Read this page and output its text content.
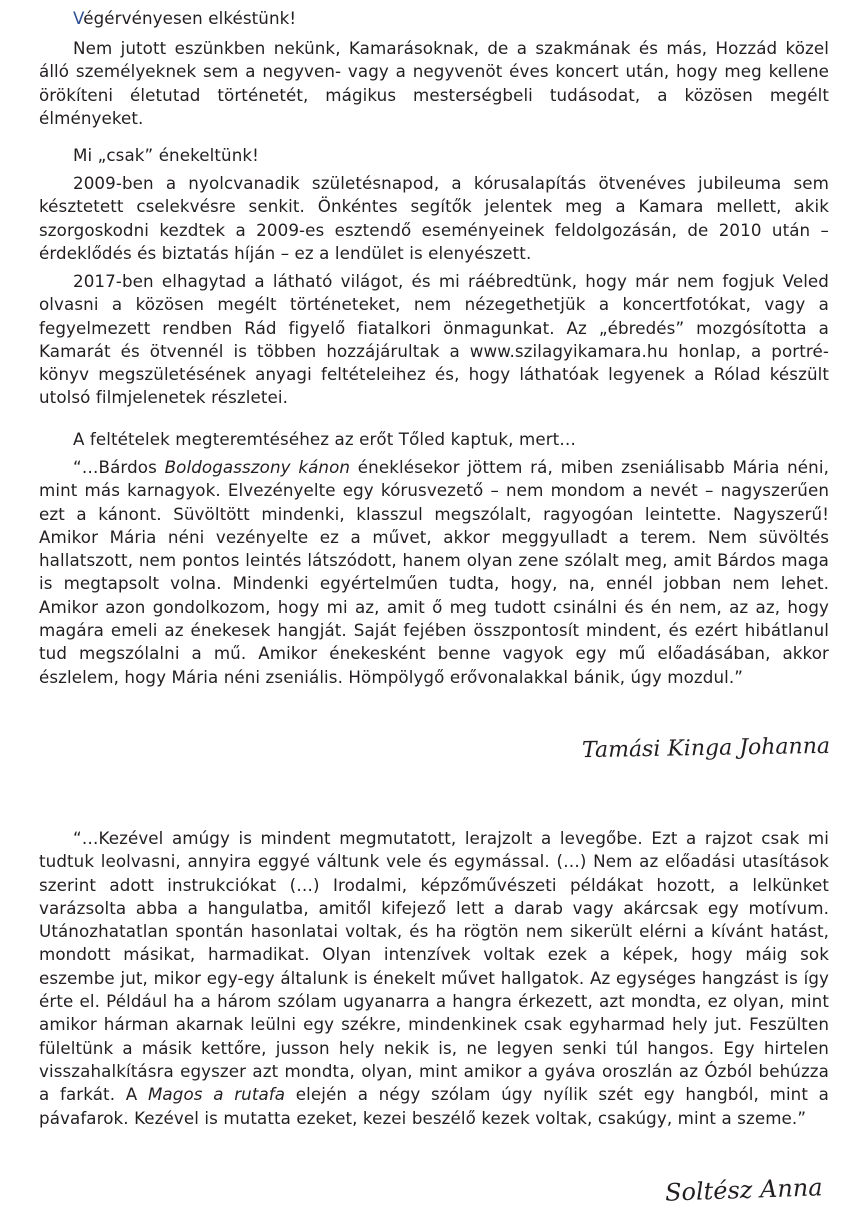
Végérvényesen elkéstünk!

Nem jutott eszünkben nekünk, Kamarásoknak, de a szakmának és más, Hozzád közel álló személyeknek sem a negyven- vagy a negyvenöt éves koncert után, hogy meg kellene örökíteni életutad történetét, mágikus mesterségbeli tudásodat, a közösen megélt élményeket.

Mi „csak” énekeltünk!

2009-ben a nyolcvanadik születésnapod, a kórusalapítás ötvenéves jubileuma sem késztetett cselekvésre senkit. Önkéntes segítők jelentek meg a Kamara mellett, akik szorgoskodni kezdtek a 2009-es esztendő eseményeinek feldolgozásán, de 2010 után – érdeklődés és biztatás híján – ez a lendület is elenyészett.

2017-ben elhagytad a látható világot, és mi ráébredtünk, hogy már nem fogjuk Veled olvasni a közösen megélt történeteket, nem nézegethetjük a koncertfotókat, vagy a fegyelmezett rendben Rád figyelő fiatalkori önmagunkat. Az „ébredés” mozgósította a Kamarát és ötvennél is többen hozzájárultak a www.szilagyikamara.hu honlap, a portré-könyv megszületésének anyagi feltételeihez és, hogy láthatóak legyenek a Rólad készült utolsó filmjelenetek részletei.

A feltételek megteremtéséhez az erőt Tőled kaptuk, mert…

“…Bárdos Boldogasszony kánon éneklésekor jöttem rá, miben zseniálisabb Mária néni, mint más karnagyok. Elvezényelte egy kórusvezető – nem mondom a nevét – nagyszerűen ezt a kánont. Süvöltött mindenki, klasszul megszólalt, ragyogóan leintette. Nagyszerű! Amikor Mária néni vezényelte ez a művet, akkor meggyulladt a terem. Nem süvöltés hallatszott, nem pontos leintés látszódott, hanem olyan zene szólalt meg, amit Bárdos maga is megtapsolt volna. Mindenki egyértelműen tudta, hogy, na, ennél jobban nem lehet. Amikor azon gondolkozom, hogy mi az, amit ő meg tudott csinálni és én nem, az az, hogy magára emeli az énekesek hangját. Saját fejében összpontosít mindent, és ezért hibátlanul tud megszólalni a mű. Amikor énekesként benne vagyok egy mű előadásában, akkor észlelem, hogy Mária néni zseniális. Hömpölygő erővonalakkal bánik, úgy mozdul.”

Tamási Kinga Johanna

“…Kezével amúgy is mindent megmutatott, lerajzolt a levegőbe. Ezt a rajzot csak mi tudtuk leolvasni, annyira eggyé váltunk vele és egymással. (…) Nem az előadási utasítások szerint adott instrukciókat (…) Irodalmi, képzőművészeti példákat hozott, a lelkünket varázsolta abba a hangulatba, amitől kifejező lett a darab vagy akárcsak egy motívum. Utánozhatatlan spontán hasonlatai voltak, és ha rögtön nem sikerült elérni a kívánt hatást, mondott másikat, harmadikat. Olyan intenzívek voltak ezek a képek, hogy máig sok eszembe jut, mikor egy-egy általunk is énekelt művet hallgatok. Az egységes hangzást is így érte el. Például ha a három szólam ugyanarra a hangra érkezett, azt mondta, ez olyan, mint amikor hárman akarnak leülni egy székre, mindenkinek csak egyharmad hely jut. Feszülten füleltünk a másik kettőre, jusson hely nekik is, ne legyen senki túl hangos. Egy hirtelen visszahalkításra egyszer azt mondta, olyan, mint amikor a gyáva oroszlán az Ózból behúzza a farkát. A Magos a rutafa elején a négy szólam úgy nyílik szét egy hangból, mint a pávafarok. Kezével is mutatta ezeket, kezei beszélő kezek voltak, csakúgy, mint a szeme.”

Soltész Anna
